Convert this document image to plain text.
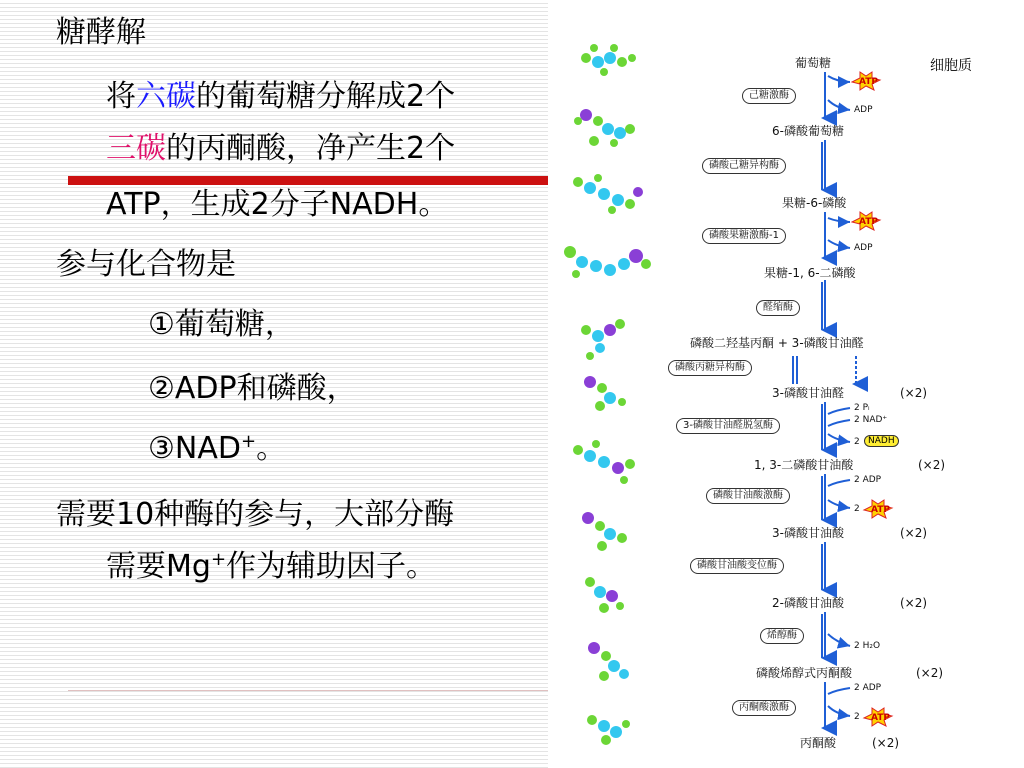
糖酵解
将六碳的葡萄糖分解成2个
三碳的丙酮酸，净产生2个
ATP，生成2分子NADH。
参与化合物是
①葡萄糖，
②ADP和磷酸，
③NAD+。
需要10种酶的参与，大部分酶
需要Mg+作为辅助因子。
细胞质
葡萄糖
6-磷酸葡萄糖
果糖-6-磷酸
果糖-1, 6-二磷酸
磷酸二羟基丙酮 + 3-磷酸甘油醛
3-磷酸甘油醛	(×2)
1, 3-二磷酸甘油酸	(×2)
3-磷酸甘油酸	(×2)
2-磷酸甘油酸	(×2)
磷酸烯醇式丙酮酸	(×2)
丙酮酸	(×2)
己糖激酶
磷酸己糖异构酶
磷酸果糖激酶-1
醛缩酶
磷酸丙糖异构酶
3-磷酸甘油醛脱氢酶
磷酸甘油酸激酶
磷酸甘油酸变位酶
烯醇酶
丙酮酸激酶
ATP
ADP
ATP
ADP
2 Pᵢ
2 NAD⁺
2 NADH
2 ADP
2 ATP
2 H₂O
2 ADP
2 ATP
